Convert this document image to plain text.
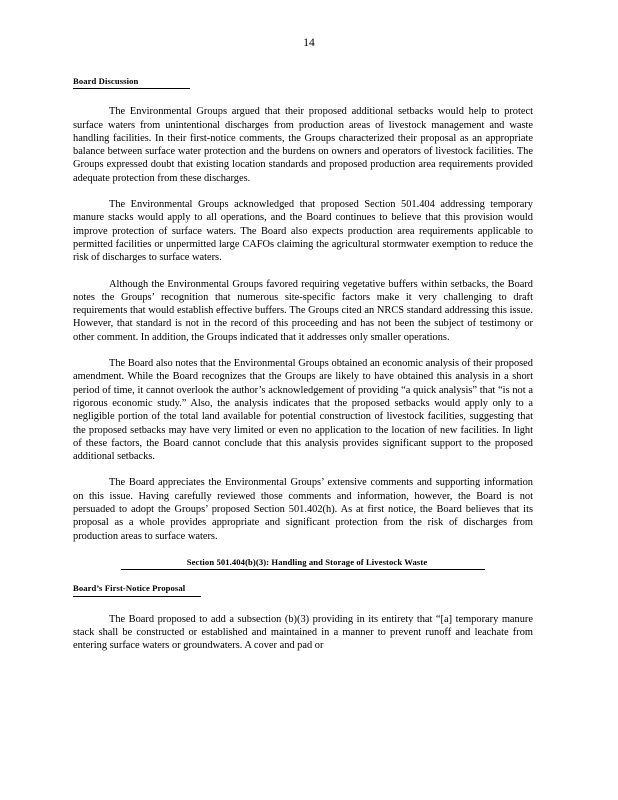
14
Board Discussion

The Environmental Groups argued that their proposed additional setbacks would help to protect surface waters from unintentional discharges from production areas of livestock management and waste handling facilities. In their first-notice comments, the Groups characterized their proposal as an appropriate balance between surface water protection and the burdens on owners and operators of livestock facilities. The Groups expressed doubt that existing location standards and proposed production area requirements provided adequate protection from these discharges.

The Environmental Groups acknowledged that proposed Section 501.404 addressing temporary manure stacks would apply to all operations, and the Board continues to believe that this provision would improve protection of surface waters. The Board also expects production area requirements applicable to permitted facilities or unpermitted large CAFOs claiming the agricultural stormwater exemption to reduce the risk of discharges to surface waters.

Although the Environmental Groups favored requiring vegetative buffers within setbacks, the Board notes the Groups’ recognition that numerous site-specific factors make it very challenging to draft requirements that would establish effective buffers. The Groups cited an NRCS standard addressing this issue. However, that standard is not in the record of this proceeding and has not been the subject of testimony or other comment. In addition, the Groups indicated that it addresses only smaller operations.

The Board also notes that the Environmental Groups obtained an economic analysis of their proposed amendment. While the Board recognizes that the Groups are likely to have obtained this analysis in a short period of time, it cannot overlook the author’s acknowledgement of providing “a quick analysis” that “is not a rigorous economic study.” Also, the analysis indicates that the proposed setbacks would apply only to a negligible portion of the total land available for potential construction of livestock facilities, suggesting that the proposed setbacks may have very limited or even no application to the location of new facilities. In light of these factors, the Board cannot conclude that this analysis provides significant support to the proposed additional setbacks.

The Board appreciates the Environmental Groups’ extensive comments and supporting information on this issue. Having carefully reviewed those comments and information, however, the Board is not persuaded to adopt the Groups’ proposed Section 501.402(h). As at first notice, the Board believes that its proposal as a whole provides appropriate and significant protection from the risk of discharges from production areas to surface waters.

Section 501.404(b)(3): Handling and Storage of Livestock Waste
Board’s First-Notice Proposal

The Board proposed to add a subsection (b)(3) providing in its entirety that “[a] temporary manure stack shall be constructed or established and maintained in a manner to prevent runoff and leachate from entering surface waters or groundwaters. A cover and pad or
